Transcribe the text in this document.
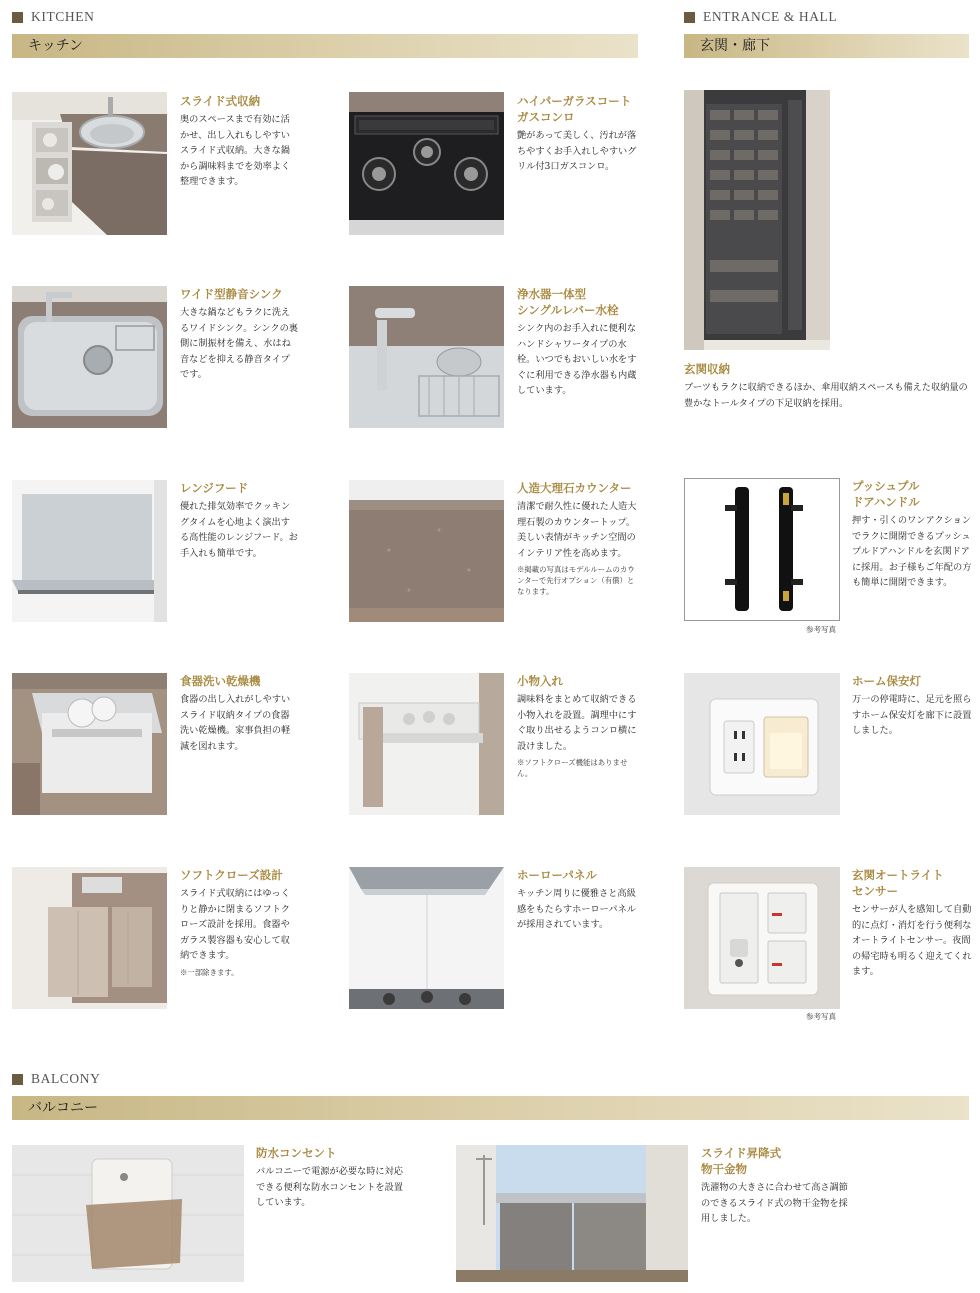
KITCHEN
キッチン
ENTRANCE & HALL
玄関・廊下
BALCONY
バルコニー
スライド式収納
奥のスペースまで有効に活かせ、出し入れもしやすいスライド式収納。大きな鍋から調味料までを効率よく整理できます。
ハイパーガラスコート
ガスコンロ
艶があって美しく、汚れが落ちやすくお手入れしやすいグリル付3口ガスコンロ。
ワイド型静音シンク
大きな鍋などもラクに洗えるワイドシンク。シンクの裏側に制振材を備え、水はね音などを抑える静音タイプです。
浄水器一体型
シングルレバー水栓
シンク内のお手入れに便利なハンドシャワータイプの水栓。いつでもおいしい水をすぐに利用できる浄水器も内蔵しています。
レンジフード
優れた排気効率でクッキングタイムを心地よく演出する高性能のレンジフード。お手入れも簡単です。
人造大理石カウンター
清潔で耐久性に優れた人造大理石製のカウンタートップ。美しい表情がキッチン空間のインテリア性を高めます。
※掲載の写真はモデルルームのカウンターで先行オプション（有償）となります。
食器洗い乾燥機
食器の出し入れがしやすいスライド収納タイプの食器洗い乾燥機。家事負担の軽減を図れます。
小物入れ
調味料をまとめて収納できる小物入れを設置。調理中にすぐ取り出せるようコンロ横に設けました。
※ソフトクローズ機能はありません。
ソフトクローズ設計
スライド式収納にはゆっくりと静かに閉まるソフトクローズ設計を採用。食器やガラス製容器も安心して収納できます。
※一部除きます。
ホーローパネル
キッチン周りに優雅さと高級感をもたらすホーローパネルが採用されています。
玄関収納
ブーツもラクに収納できるほか、傘用収納スペースも備えた収納量の豊かなトールタイプの下足収納を採用。
参考写真
プッシュプル
ドアハンドル
押す・引くのワンアクションでラクに開閉できるプッシュプルドアハンドルを玄関ドアに採用。お子様もご年配の方も簡単に開閉できます。
ホーム保安灯
万一の停電時に、足元を照らすホーム保安灯を廊下に設置しました。
参考写真
玄関オートライト
センサー
センサーが人を感知して自動的に点灯・消灯を行う便利なオートライトセンサー。夜間の帰宅時も明るく迎えてくれます。
防水コンセント
バルコニーで電源が必要な時に対応できる便利な防水コンセントを設置しています。
スライド昇降式
物干金物
洗濯物の大きさに合わせて高さ調節のできるスライド式の物干金物を採用しました。
